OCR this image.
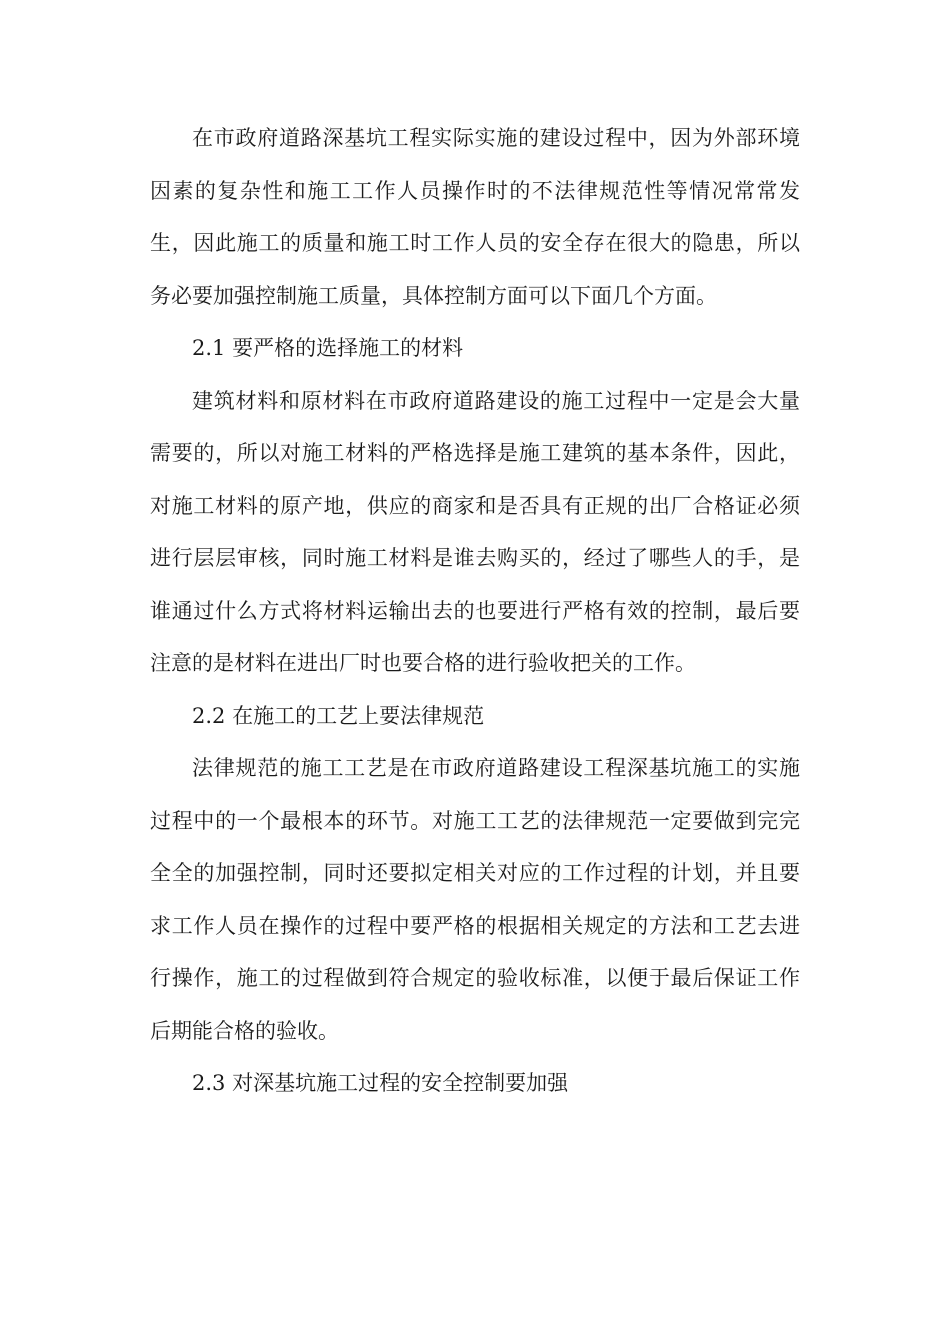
在市政府道路深基坑工程实际实施的建设过程中，因为外部环境因素的复杂性和施工工作人员操作时的不法律规范性等情况常常发生，因此施工的质量和施工时工作人员的安全存在很大的隐患，所以务必要加强控制施工质量，具体控制方面可以下面几个方面。

2.1 要严格的选择施工的材料

建筑材料和原材料在市政府道路建设的施工过程中一定是会大量需要的，所以对施工材料的严格选择是施工建筑的基本条件，因此，对施工材料的原产地，供应的商家和是否具有正规的出厂合格证必须进行层层审核，同时施工材料是谁去购买的，经过了哪些人的手，是谁通过什么方式将材料运输出去的也要进行严格有效的控制，最后要注意的是材料在进出厂时也要合格的进行验收把关的工作。

2.2 在施工的工艺上要法律规范

法律规范的施工工艺是在市政府道路建设工程深基坑施工的实施过程中的一个最根本的环节。对施工工艺的法律规范一定要做到完完全全的加强控制，同时还要拟定相关对应的工作过程的计划，并且要求工作人员在操作的过程中要严格的根据相关规定的方法和工艺去进行操作，施工的过程做到符合规定的验收标准，以便于最后保证工作后期能合格的验收。

2.3 对深基坑施工过程的安全控制要加强
